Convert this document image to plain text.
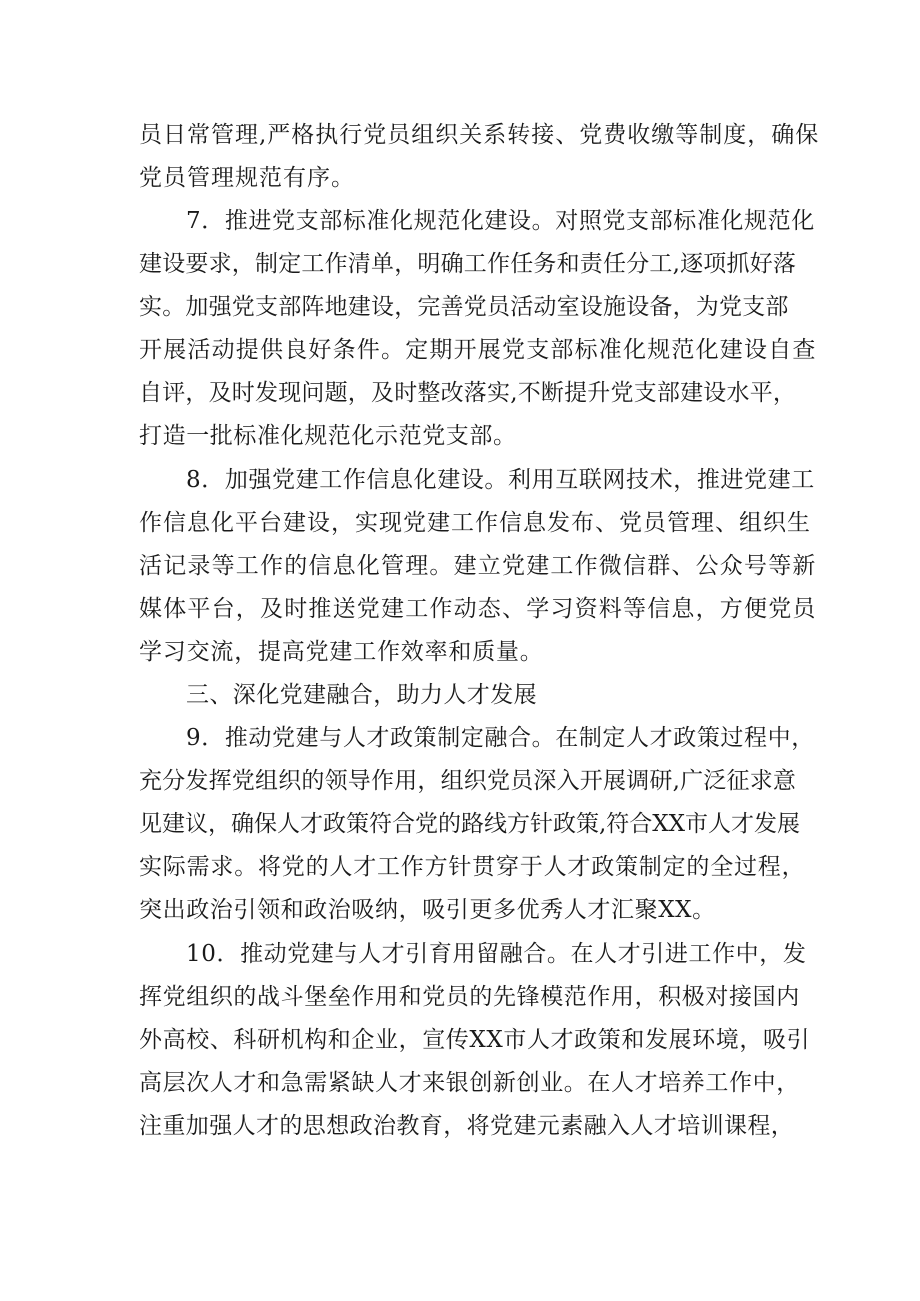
员日常管理,严格执行党员组织关系转接、党费收缴等制度，确保
党员管理规范有序。
7．推进党支部标准化规范化建设。对照党支部标准化规范化
建设要求，制定工作清单，明确工作任务和责任分工,逐项抓好落
实。加强党支部阵地建设，完善党员活动室设施设备，为党支部
开展活动提供良好条件。定期开展党支部标准化规范化建设自查
自评，及时发现问题，及时整改落实,不断提升党支部建设水平，
打造一批标准化规范化示范党支部。
8．加强党建工作信息化建设。利用互联网技术，推进党建工
作信息化平台建设，实现党建工作信息发布、党员管理、组织生
活记录等工作的信息化管理。建立党建工作微信群、公众号等新
媒体平台，及时推送党建工作动态、学习资料等信息，方便党员
学习交流，提高党建工作效率和质量。
三、深化党建融合，助力人才发展
9．推动党建与人才政策制定融合。在制定人才政策过程中，
充分发挥党组织的领导作用，组织党员深入开展调研,广泛征求意
见建议，确保人才政策符合党的路线方针政策,符合XX市人才发展
实际需求。将党的人才工作方针贯穿于人才政策制定的全过程，
突出政治引领和政治吸纳，吸引更多优秀人才汇聚XX。
10．推动党建与人才引育用留融合。在人才引进工作中，发
挥党组织的战斗堡垒作用和党员的先锋模范作用，积极对接国内
外高校、科研机构和企业，宣传XX市人才政策和发展环境，吸引
高层次人才和急需紧缺人才来银创新创业。在人才培养工作中，
注重加强人才的思想政治教育，将党建元素融入人才培训课程，
